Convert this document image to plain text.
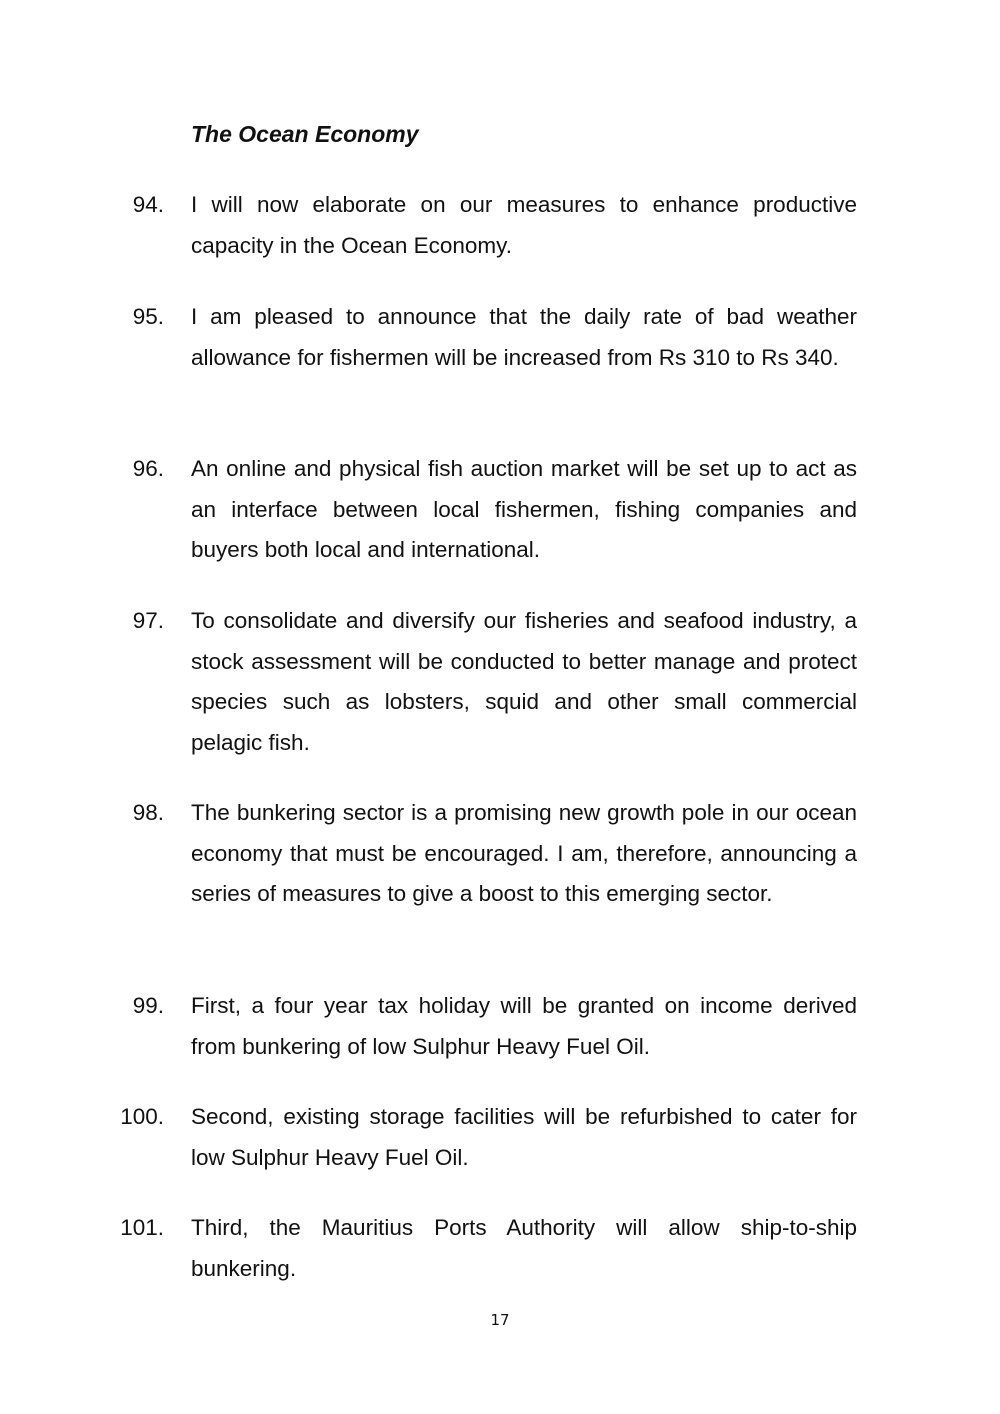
The Ocean Economy
94. I will now elaborate on our measures to enhance productive capacity in the Ocean Economy.

95. I am pleased to announce that the daily rate of bad weather allowance for fishermen will be increased from Rs 310 to Rs 340.

96. An online and physical fish auction market will be set up to act as an interface between local fishermen, fishing companies and buyers both local and international.

97. To consolidate and diversify our fisheries and seafood industry, a stock assessment will be conducted to better manage and protect species such as lobsters, squid and other small commercial pelagic fish.

98. The bunkering sector is a promising new growth pole in our ocean economy that must be encouraged. I am, therefore, announcing a series of measures to give a boost to this emerging sector.

99. First, a four year tax holiday will be granted on income derived from bunkering of low Sulphur Heavy Fuel Oil.

100. Second, existing storage facilities will be refurbished to cater for low Sulphur Heavy Fuel Oil.

101. Third, the Mauritius Ports Authority will allow ship-to-ship bunkering.

17
